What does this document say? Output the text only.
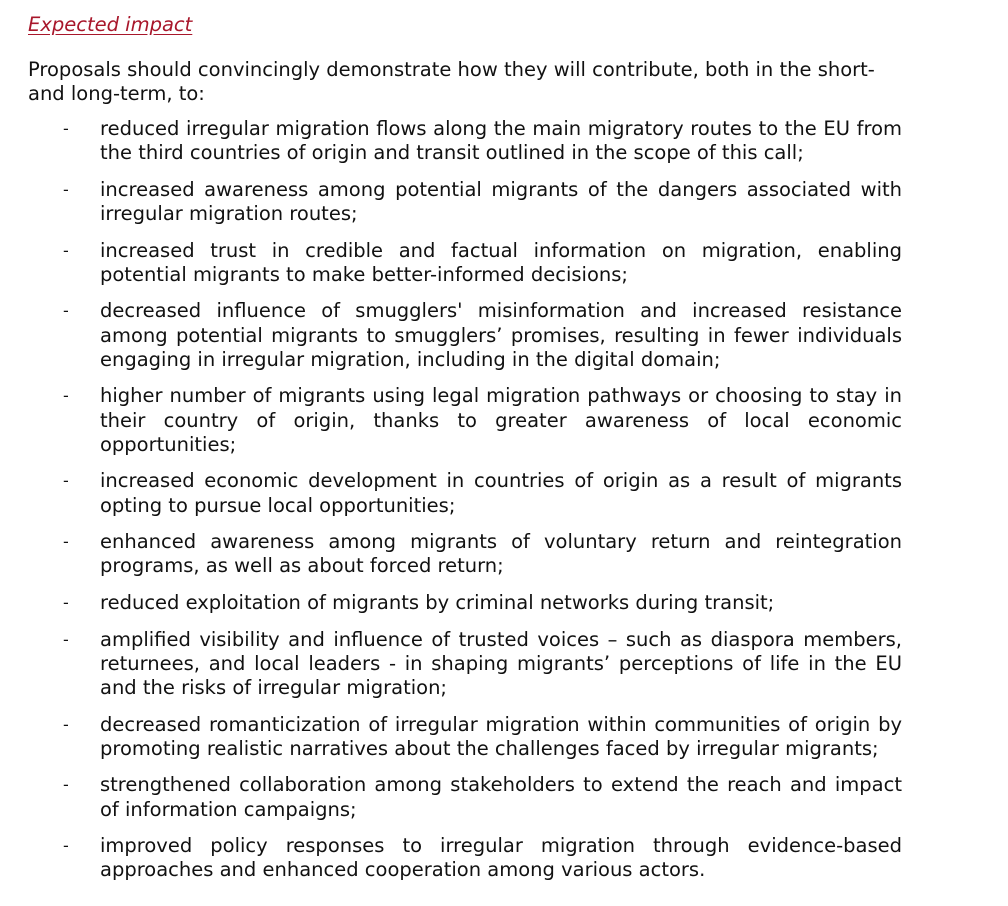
Expected impact

Proposals should convincingly demonstrate how they will contribute, both in the short- and long-term, to:

- reduced irregular migration flows along the main migratory routes to the EU from the third countries of origin and transit outlined in the scope of this call;
- increased awareness among potential migrants of the dangers associated with irregular migration routes;
- increased trust in credible and factual information on migration, enabling potential migrants to make better-informed decisions;
- decreased influence of smugglers' misinformation and increased resistance among potential migrants to smugglers’ promises, resulting in fewer individuals engaging in irregular migration, including in the digital domain;
- higher number of migrants using legal migration pathways or choosing to stay in their country of origin, thanks to greater awareness of local economic opportunities;
- increased economic development in countries of origin as a result of migrants opting to pursue local opportunities;
- enhanced awareness among migrants of voluntary return and reintegration programs, as well as about forced return;
- reduced exploitation of migrants by criminal networks during transit;
- amplified visibility and influence of trusted voices – such as diaspora members, returnees, and local leaders - in shaping migrants’ perceptions of life in the EU and the risks of irregular migration;
- decreased romanticization of irregular migration within communities of origin by promoting realistic narratives about the challenges faced by irregular migrants;
- strengthened collaboration among stakeholders to extend the reach and impact of information campaigns;
- improved policy responses to irregular migration through evidence-based approaches and enhanced cooperation among various actors.
